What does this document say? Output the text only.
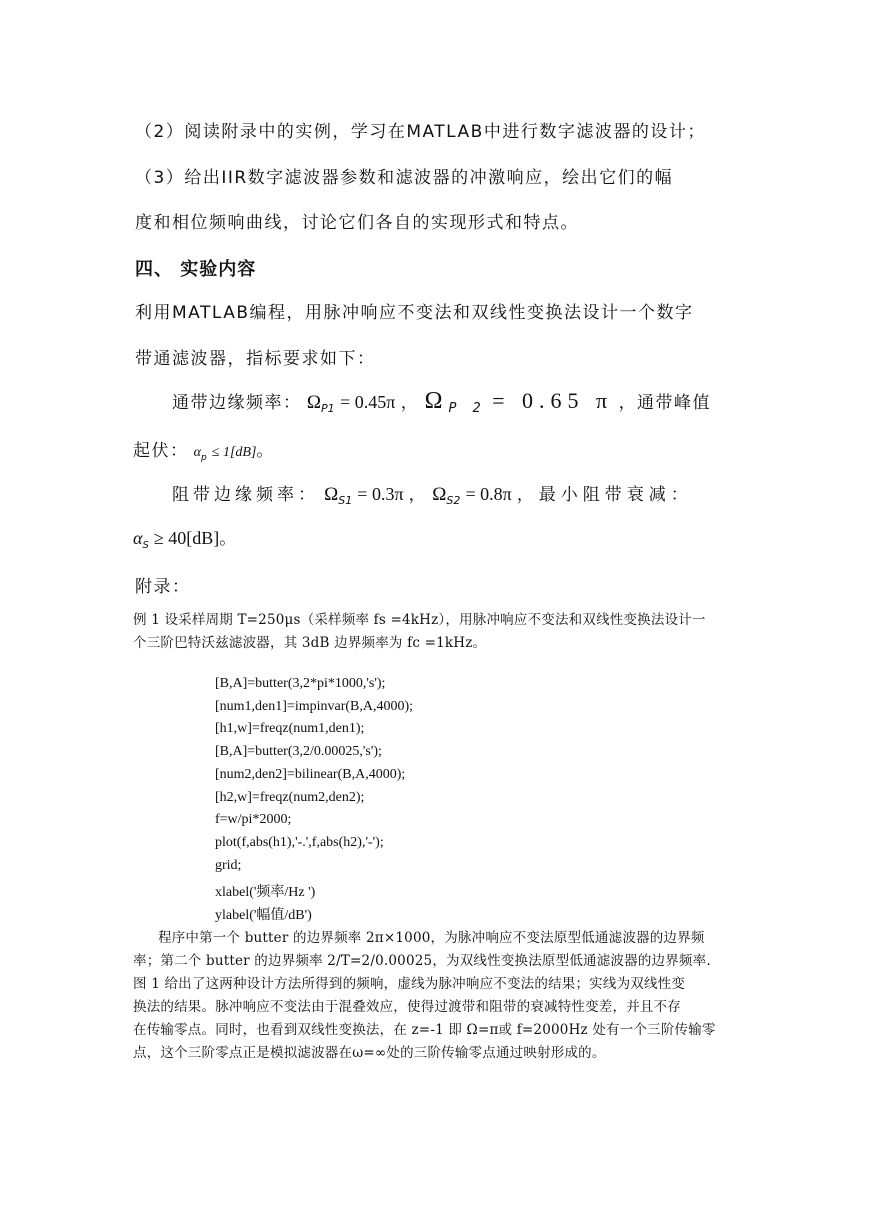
（2）阅读附录中的实例，学习在MATLAB中进行数字滤波器的设计；
（3）给出IIR数字滤波器参数和滤波器的冲激响应，绘出它们的幅
度和相位频响曲线，讨论它们各自的实现形式和特点。
四、 实验内容
利用MATLAB编程，用脉冲响应不变法和双线性变换法设计一个数字
带通滤波器，指标要求如下：
通带边缘频率： $\Omega_{P1} = 0.45\pi$ ， $\Omega_{P 2} = 0.65$ π ，通带峰值
起伏： $\alpha_p \le 1[dB]$。
阻带边缘频率： $\Omega_{S1} = 0.3\pi$ ， $\Omega_{S2} = 0.8\pi$ ，最小阻带衰减：
$\alpha_S \ge 40[dB]$。
附录：
例 1 设采样周期 T=250μs（采样频率 fs =4kHz），用脉冲响应不变法和双线性变换法设计一
个三阶巴特沃兹滤波器，其 3dB 边界频率为 fc =1kHz。
[B,A]=butter(3,2*pi*1000,'s');
[num1,den1]=impinvar(B,A,4000);
[h1,w]=freqz(num1,den1);
[B,A]=butter(3,2/0.00025,'s');
[num2,den2]=bilinear(B,A,4000);
[h2,w]=freqz(num2,den2);
f=w/pi*2000;
plot(f,abs(h1),'-.',f,abs(h2),'-');
grid;
xlabel('频率/Hz ')
ylabel('幅值/dB')
程序中第一个 butter 的边界频率 2π×1000，为脉冲响应不变法原型低通滤波器的边界频
率；第二个 butter 的边界频率 2/T=2/0.00025，为双线性变换法原型低通滤波器的边界频率.
图 1 给出了这两种设计方法所得到的频响，虚线为脉冲响应不变法的结果；实线为双线性变
换法的结果。脉冲响应不变法由于混叠效应，使得过渡带和阻带的衰减特性变差，并且不存
在传输零点。同时，也看到双线性变换法，在 z=-1 即 Ω=π或 f=2000Hz 处有一个三阶传输零
点，这个三阶零点正是模拟滤波器在ω=∞处的三阶传输零点通过映射形成的。
